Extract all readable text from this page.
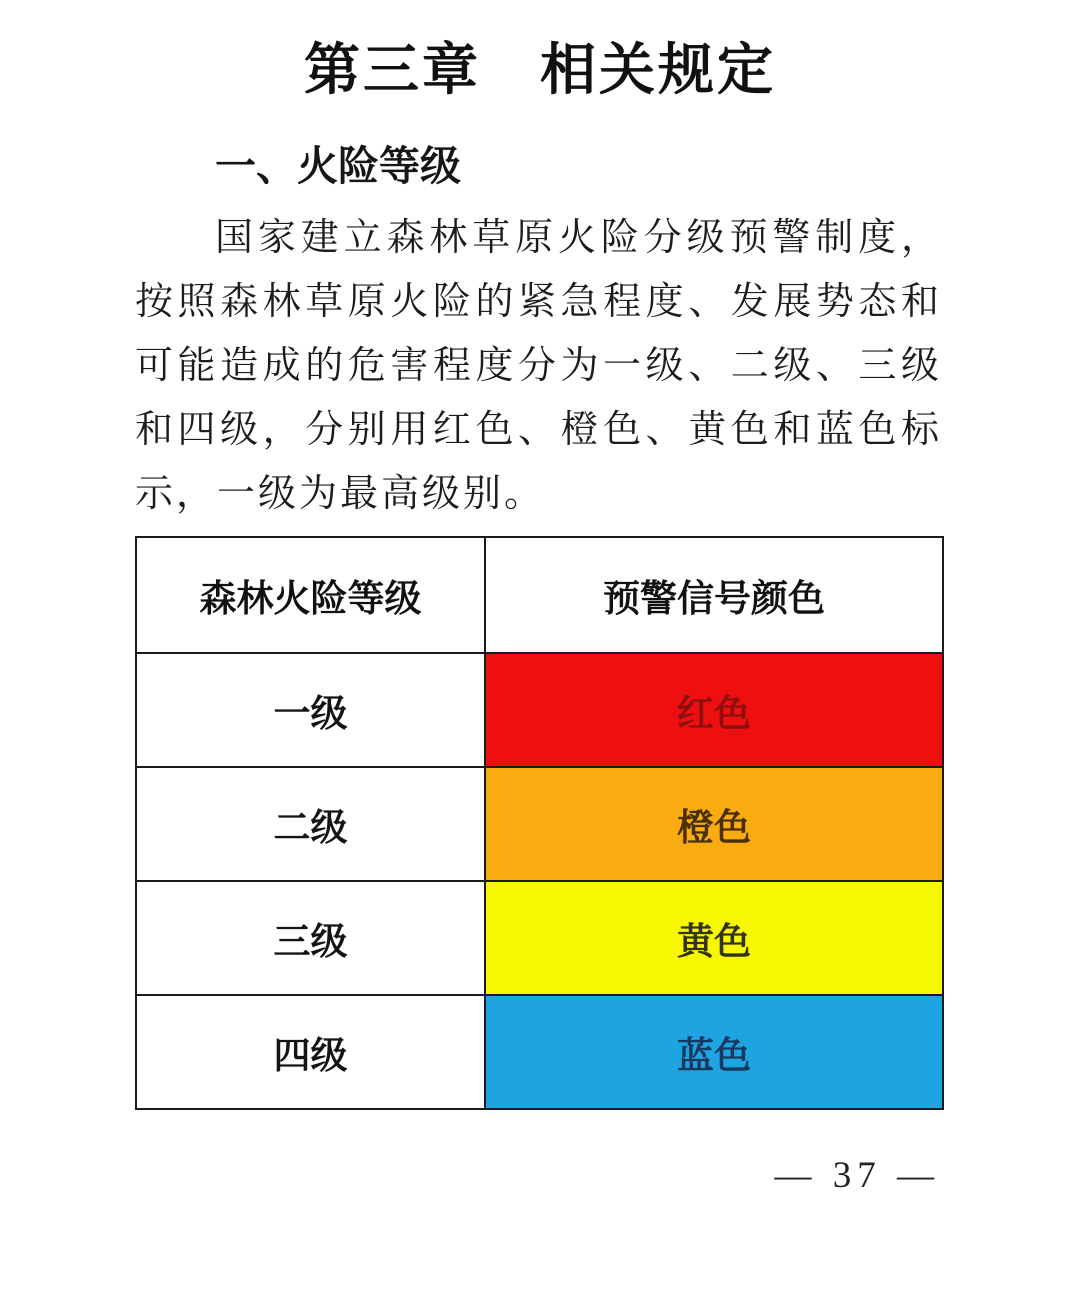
第三章　相关规定
一、火险等级

国家建立森林草原火险分级预警制度，按照森林草原火险的紧急程度、发展势态和可能造成的危害程度分为一级、二级、三级和四级，分别用红色、橙色、黄色和蓝色标示，一级为最高级别。

森林火险等级	预警信号颜色
一级	红色
二级	橙色
三级	黄色
四级	蓝色
— 37 —
